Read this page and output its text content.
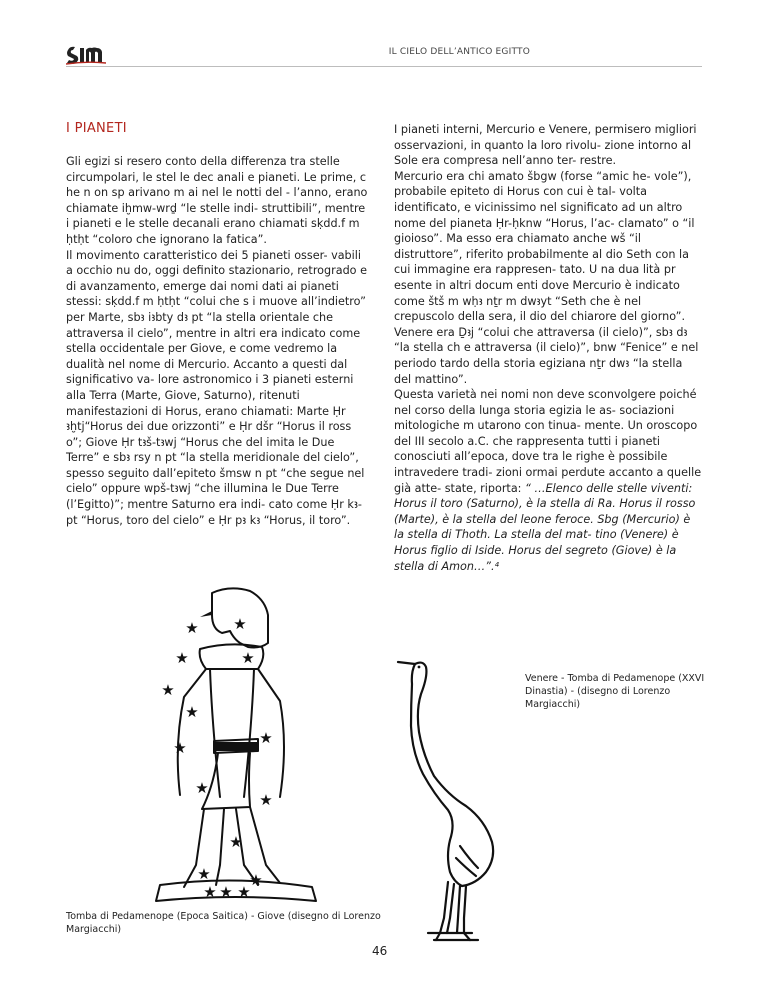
IL CIELO DELL’ANTICO EGITTO
I PIANETI

Gli egizi si resero conto della differenza tra stelle circumpolari, le stel le dec anali e pianeti. Le prime, c he n on sp arivano m ai nel le notti del - l’anno, erano chiamate iḫmw-wrḏ “le stelle indi- struttibili”, mentre i pianeti e le stelle decanali erano chiamati sḳdd.f m ḥtḥt “coloro che ignorano la fatica”.

Il movimento caratteristico dei 5 pianeti osser- vabili a occhio nu do, oggi definito stazionario, retrogrado e di avanzamento, emerge dai nomi dati ai pianeti stessi: sḳdd.f m ḥtḥt “colui che s i muove all’indietro” per Marte, sbꜣ iꜣbty dꜣ pt “la stella orientale che attraversa il cielo”, mentre in altri era indicato come stella occidentale per Giove, e come vedremo la dualità nel nome di Mercurio. Accanto a questi dal significativo va- lore astronomico i 3 pianeti esterni alla Terra (Marte, Giove, Saturno), ritenuti manifestazioni di Horus, erano chiamati: Marte Ḥr ꜣḫtj“Horus dei due orizzonti” e Ḥr dšr “Horus il ross o”; Giove Ḥr tꜣš-tꜣwj “Horus che del imita le Due Terre” e sbꜣ rsy n pt “la stella meridionale del cielo”, spesso seguito dall’epiteto šmsw n pt “che segue nel cielo” oppure wpš-tꜣwj “che illumina le Due Terre (l’Egitto)”; mentre Saturno era indi- cato come Ḥr kꜣ-pt “Horus, toro del cielo” e Ḥr pꜣ kꜣ “Horus, il toro”.

I pianeti interni, Mercurio e Venere, permisero migliori osservazioni, in quanto la loro rivolu- zione intorno al Sole era compresa nell’anno ter- restre.

Mercurio era chi amato šbgw (forse “amic he- vole”), probabile epiteto di Horus con cui è tal- volta identificato, e vicinissimo nel significato ad un altro nome del pianeta Ḥr-ḥknw “Horus, l’ac- clamato” o “il gioioso”. Ma esso era chiamato anche wš “il distruttore”, riferito probabilmente al dio Seth con la cui immagine era rappresen- tato. U na dua lità pr esente in altri docum enti dove Mercurio è indicato come štš m wḥꜣ nṯr m dwꜣyt “Seth che è nel crepuscolo della sera, il dio del chiarore del giorno”.

Venere era Ḏꜣj “colui che attraversa (il cielo)”, sbꜣ dꜣ “la stella ch e attraversa (il cielo)”, bnw “Fenice” e nel periodo tardo della storia egiziana nṯr dwꜣ “la stella del mattino”.

Questa varietà nei nomi non deve sconvolgere poiché nel corso della lunga storia egizia le as- sociazioni mitologiche m utarono con tinua- mente. Un oroscopo del III secolo a.C. che rappresenta tutti i pianeti conosciuti all’epoca, dove tra le righe è possibile intravedere tradi- zioni ormai perdute accanto a quelle già atte- state, riporta: “ …Elenco delle stelle viventi: Horus il toro (Saturno), è la stella di Ra. Horus il rosso (Marte), è la stella del leone feroce. Sbg (Mercurio) è la stella di Thoth. La stella del mat- tino (Venere) è Horus figlio di Iside. Horus del segreto (Giove) è la stella di Amon…”.⁴

Venere - Tomba di Pedamenope (XXVI Dinastia) - (disegno di Lorenzo Margiacchi)
★
★
★
★
★
★
★
★
★
★
★
★	★
★ ★ ★
Tomba di Pedamenope (Epoca Saitica) - Giove (disegno di Lorenzo Margiacchi)
46
